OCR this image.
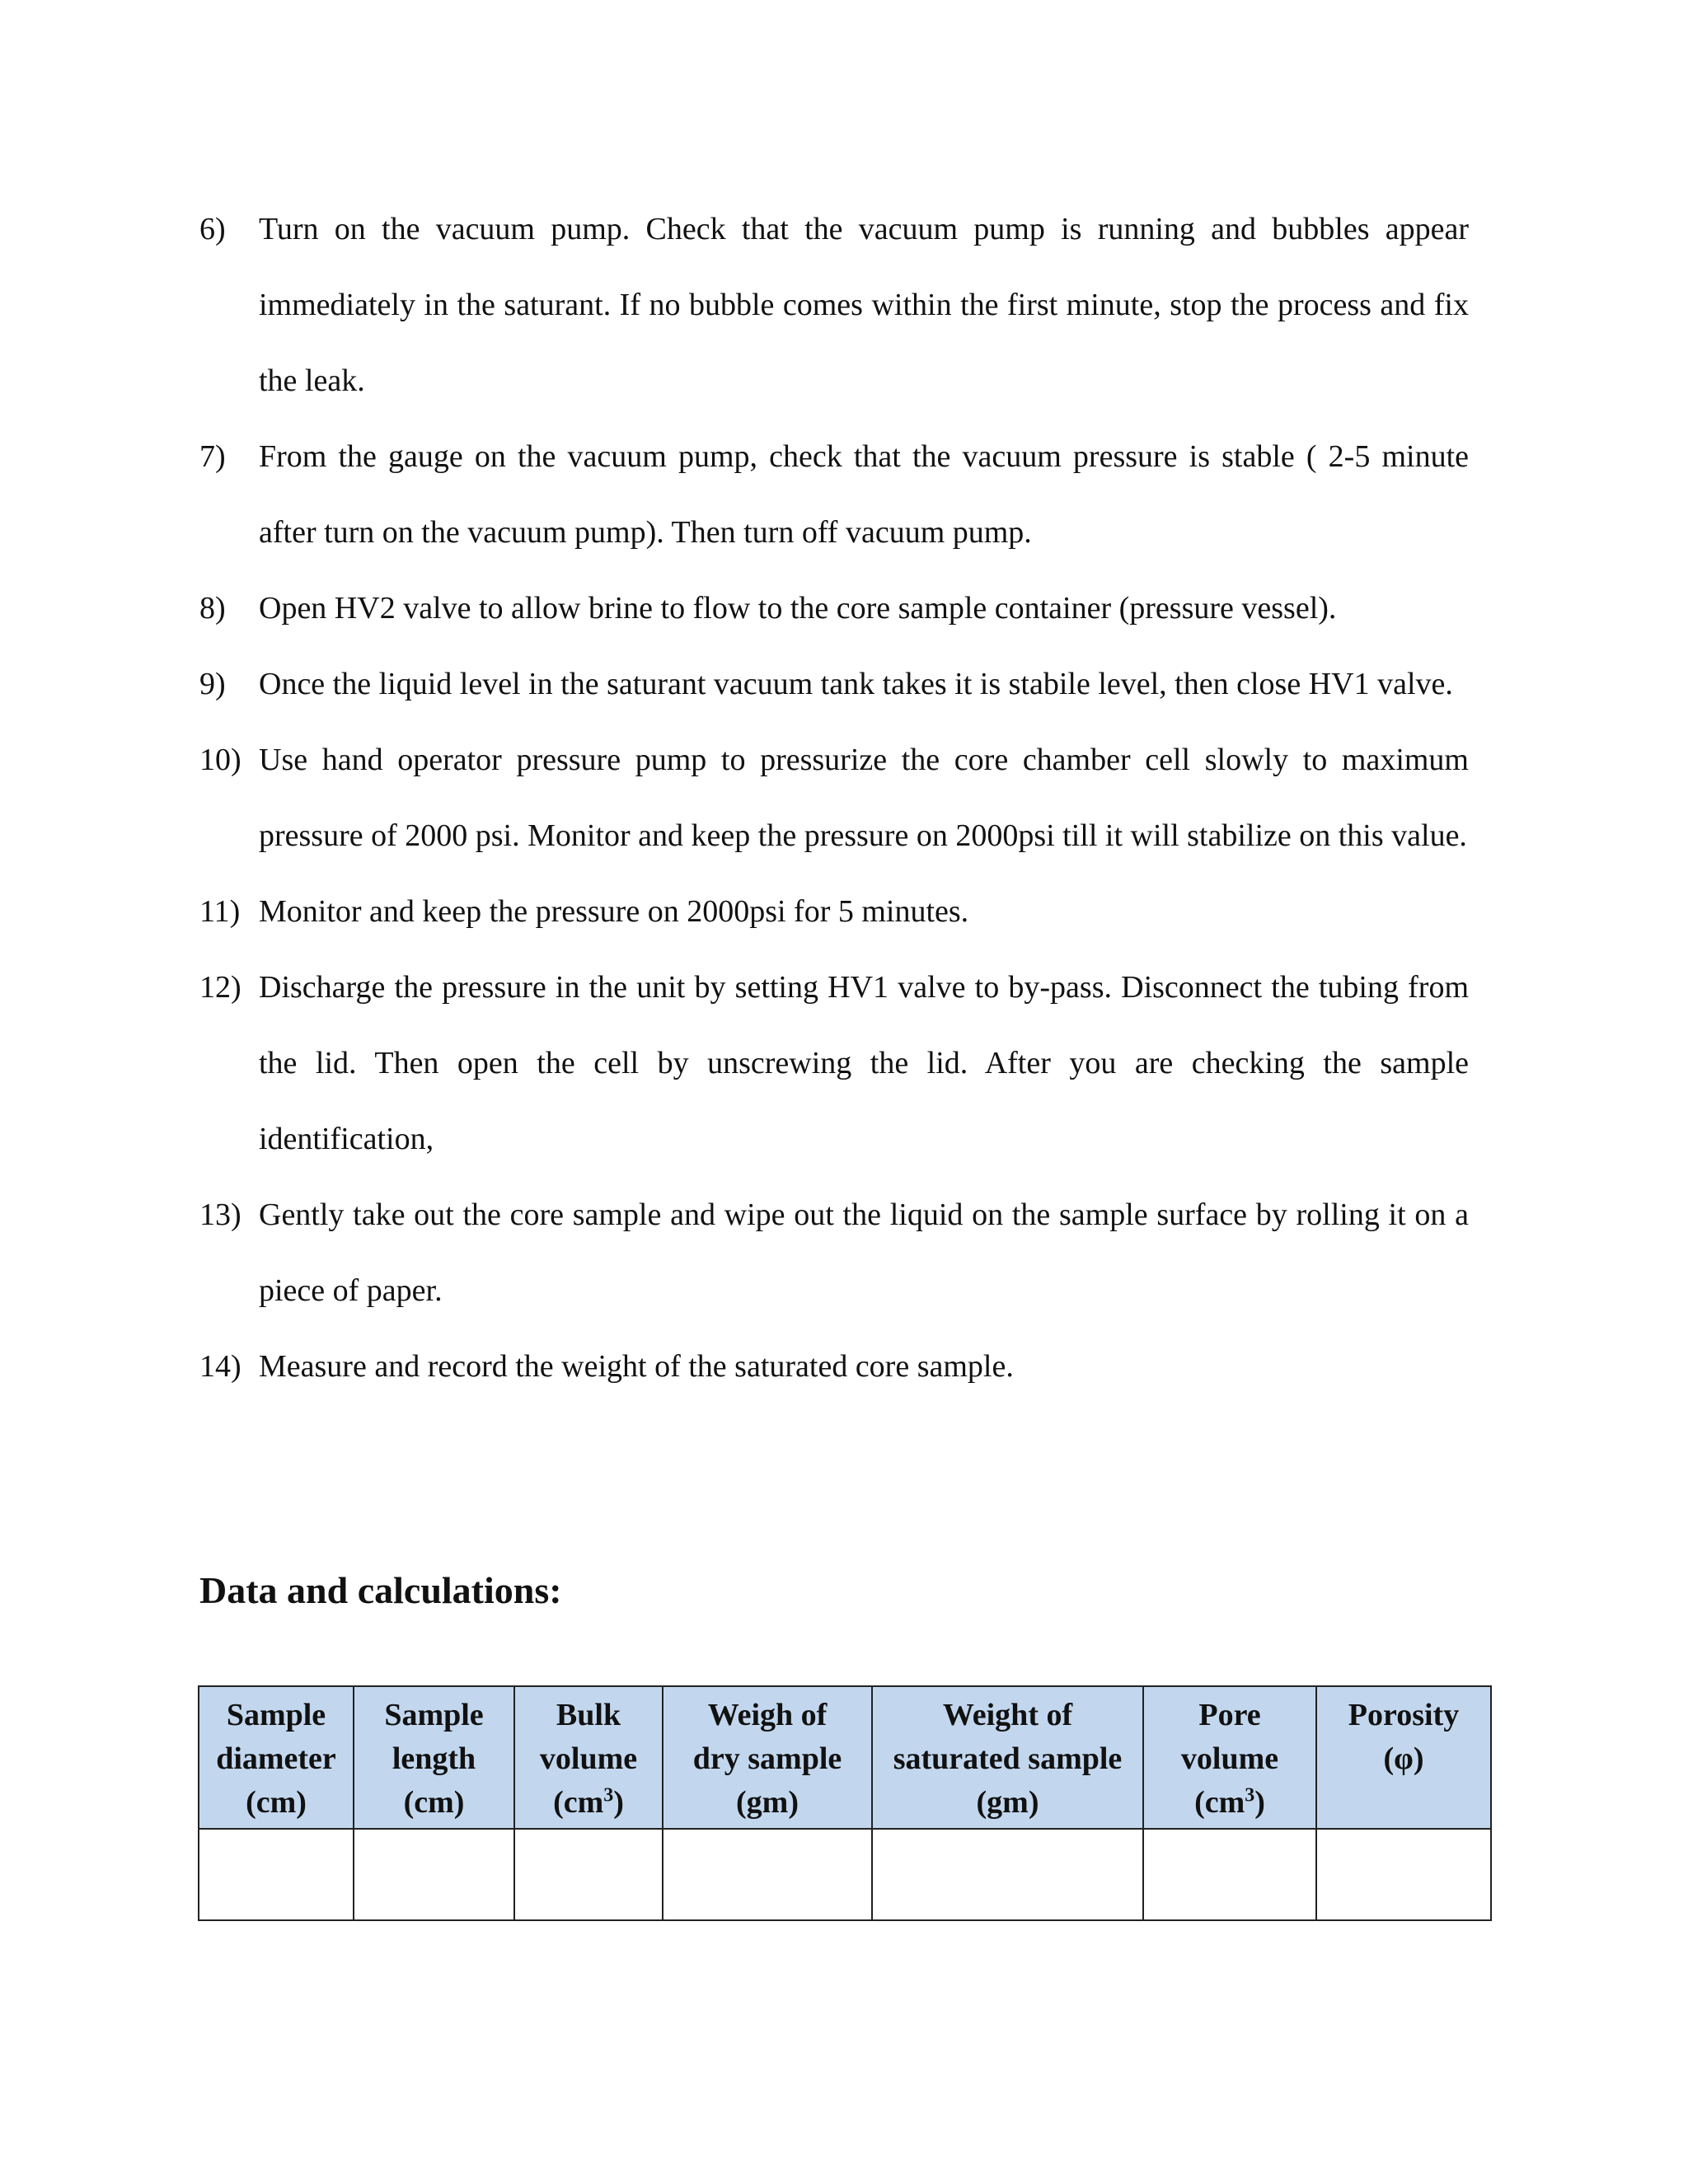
6) Turn on the vacuum pump. Check that the vacuum pump is running and bubbles appear immediately in the saturant. If no bubble comes within the first minute, stop the process and fix the leak.
7) From the gauge on the vacuum pump, check that the vacuum pressure is stable ( 2-5 minute after turn on the vacuum pump). Then turn off vacuum pump.
8) Open HV2 valve to allow brine to flow to the core sample container (pressure vessel).
9) Once the liquid level in the saturant vacuum tank takes it is stabile level, then close HV1 valve.
10) Use hand operator pressure pump to pressurize the core chamber cell slowly to maximum pressure of 2000 psi. Monitor and keep the pressure on 2000psi till it will stabilize on this value.
11) Monitor and keep the pressure on 2000psi for 5 minutes.
12) Discharge the pressure in the unit by setting HV1 valve to by-pass. Disconnect the tubing from the lid. Then open the cell by unscrewing the lid. After you are checking the sample identification,
13) Gently take out the core sample and wipe out the liquid on the sample surface by rolling it on a piece of paper.
14) Measure and record the weight of the saturated core sample.
Data and calculations:
Sample
diameter
(cm)	Sample
length
(cm)	Bulk
volume
$(cm^3)$	Weigh of
dry sample
(gm)	Weight of
saturated sample
(gm)	Pore
volume
$(cm^3)$	Porosity
(φ)
